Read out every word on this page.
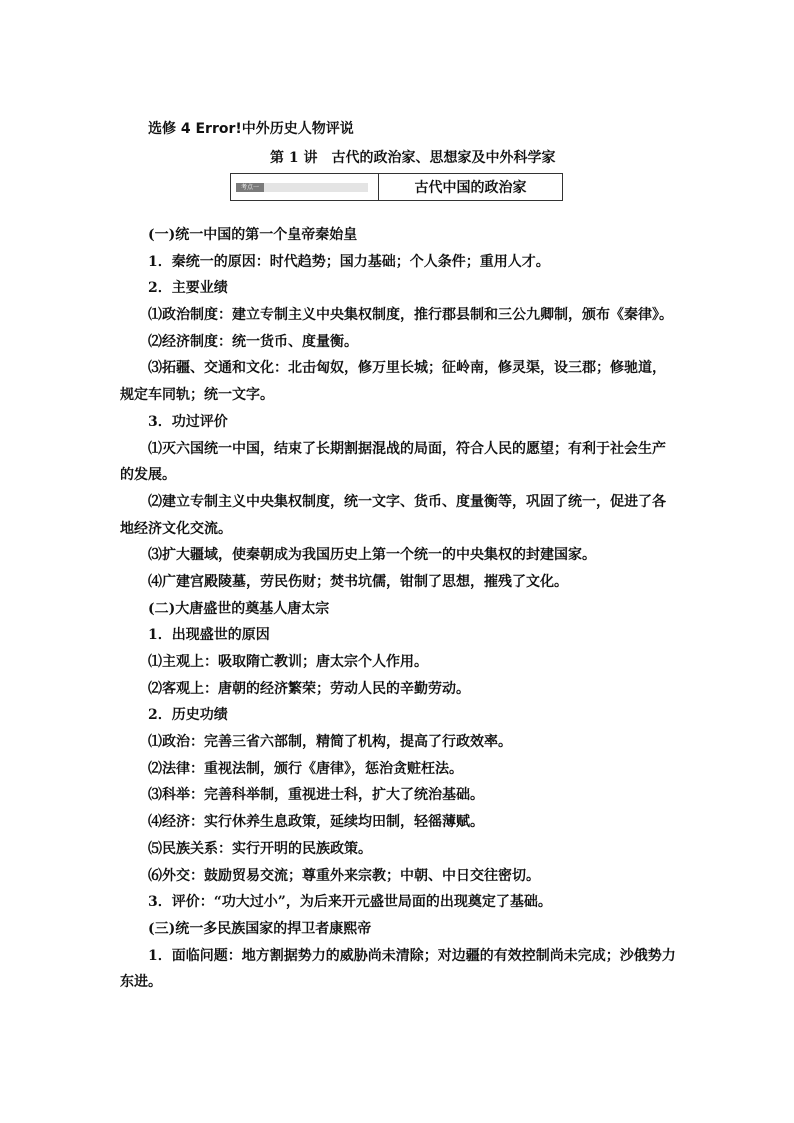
选修 4 Error!中外历史人物评说
第 1 讲　古代的政治家、思想家及中外科学家
考点一	古代中国的政治家
(一)统一中国的第一个皇帝秦始皇
1．秦统一的原因：时代趋势；国力基础；个人条件；重用人才。
2．主要业绩
⑴政治制度：建立专制主义中央集权制度，推行郡县制和三公九卿制，颁布《秦律》。
⑵经济制度：统一货币、度量衡。
⑶拓疆、交通和文化：北击匈奴，修万里长城；征岭南，修灵渠，设三郡；修驰道，
规定车同轨；统一文字。
3．功过评价
⑴灭六国统一中国，结束了长期割据混战的局面，符合人民的愿望；有利于社会生产
的发展。
⑵建立专制主义中央集权制度，统一文字、货币、度量衡等，巩固了统一，促进了各
地经济文化交流。
⑶扩大疆域，使秦朝成为我国历史上第一个统一的中央集权的封建国家。
⑷广建宫殿陵墓，劳民伤财；焚书坑儒，钳制了思想，摧残了文化。
(二)大唐盛世的奠基人唐太宗
1．出现盛世的原因
⑴主观上：吸取隋亡教训；唐太宗个人作用。
⑵客观上：唐朝的经济繁荣；劳动人民的辛勤劳动。
2．历史功绩
⑴政治：完善三省六部制，精简了机构，提高了行政效率。
⑵法律：重视法制，颁行《唐律》，惩治贪赃枉法。
⑶科举：完善科举制，重视进士科，扩大了统治基础。
⑷经济：实行休养生息政策，延续均田制，轻徭薄赋。
⑸民族关系：实行开明的民族政策。
⑹外交：鼓励贸易交流；尊重外来宗教；中朝、中日交往密切。
3．评价：“功大过小”，为后来开元盛世局面的出现奠定了基础。
(三)统一多民族国家的捍卫者康熙帝
1．面临问题：地方割据势力的威胁尚未清除；对边疆的有效控制尚未完成；沙俄势力
东进。
